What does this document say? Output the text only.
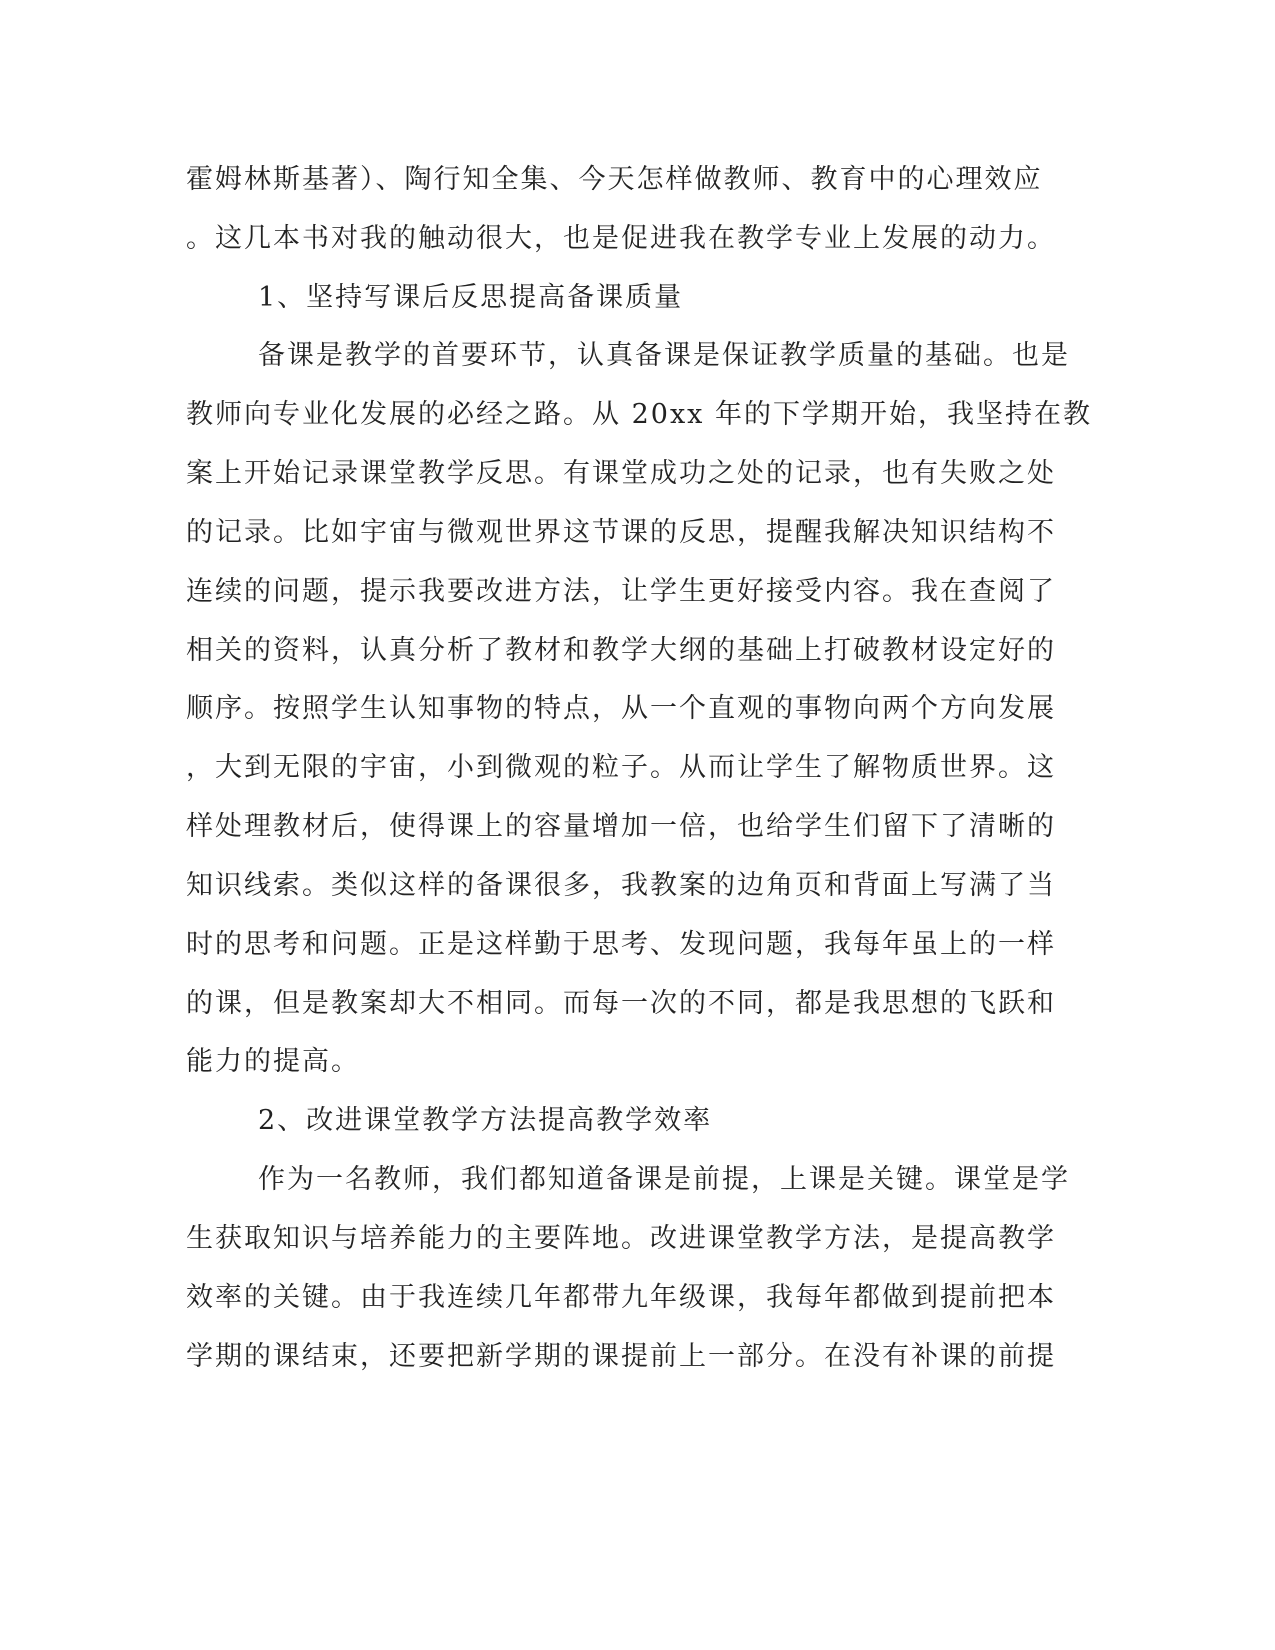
霍姆林斯基著）、陶行知全集、今天怎样做教师、教育中的心理效应
。这几本书对我的触动很大，也是促进我在教学专业上发展的动力。
1、坚持写课后反思提高备课质量
备课是教学的首要环节，认真备课是保证教学质量的基础。也是
教师向专业化发展的必经之路。从 20xx 年的下学期开始，我坚持在教
案上开始记录课堂教学反思。有课堂成功之处的记录，也有失败之处
的记录。比如宇宙与微观世界这节课的反思，提醒我解决知识结构不
连续的问题，提示我要改进方法，让学生更好接受内容。我在查阅了
相关的资料，认真分析了教材和教学大纲的基础上打破教材设定好的
顺序。按照学生认知事物的特点，从一个直观的事物向两个方向发展
，大到无限的宇宙，小到微观的粒子。从而让学生了解物质世界。这
样处理教材后，使得课上的容量增加一倍，也给学生们留下了清晰的
知识线索。类似这样的备课很多，我教案的边角页和背面上写满了当
时的思考和问题。正是这样勤于思考、发现问题，我每年虽上的一样
的课，但是教案却大不相同。而每一次的不同，都是我思想的飞跃和
能力的提高。
2、改进课堂教学方法提高教学效率
作为一名教师，我们都知道备课是前提，上课是关键。课堂是学
生获取知识与培养能力的主要阵地。改进课堂教学方法，是提高教学
效率的关键。由于我连续几年都带九年级课，我每年都做到提前把本
学期的课结束，还要把新学期的课提前上一部分。在没有补课的前提
